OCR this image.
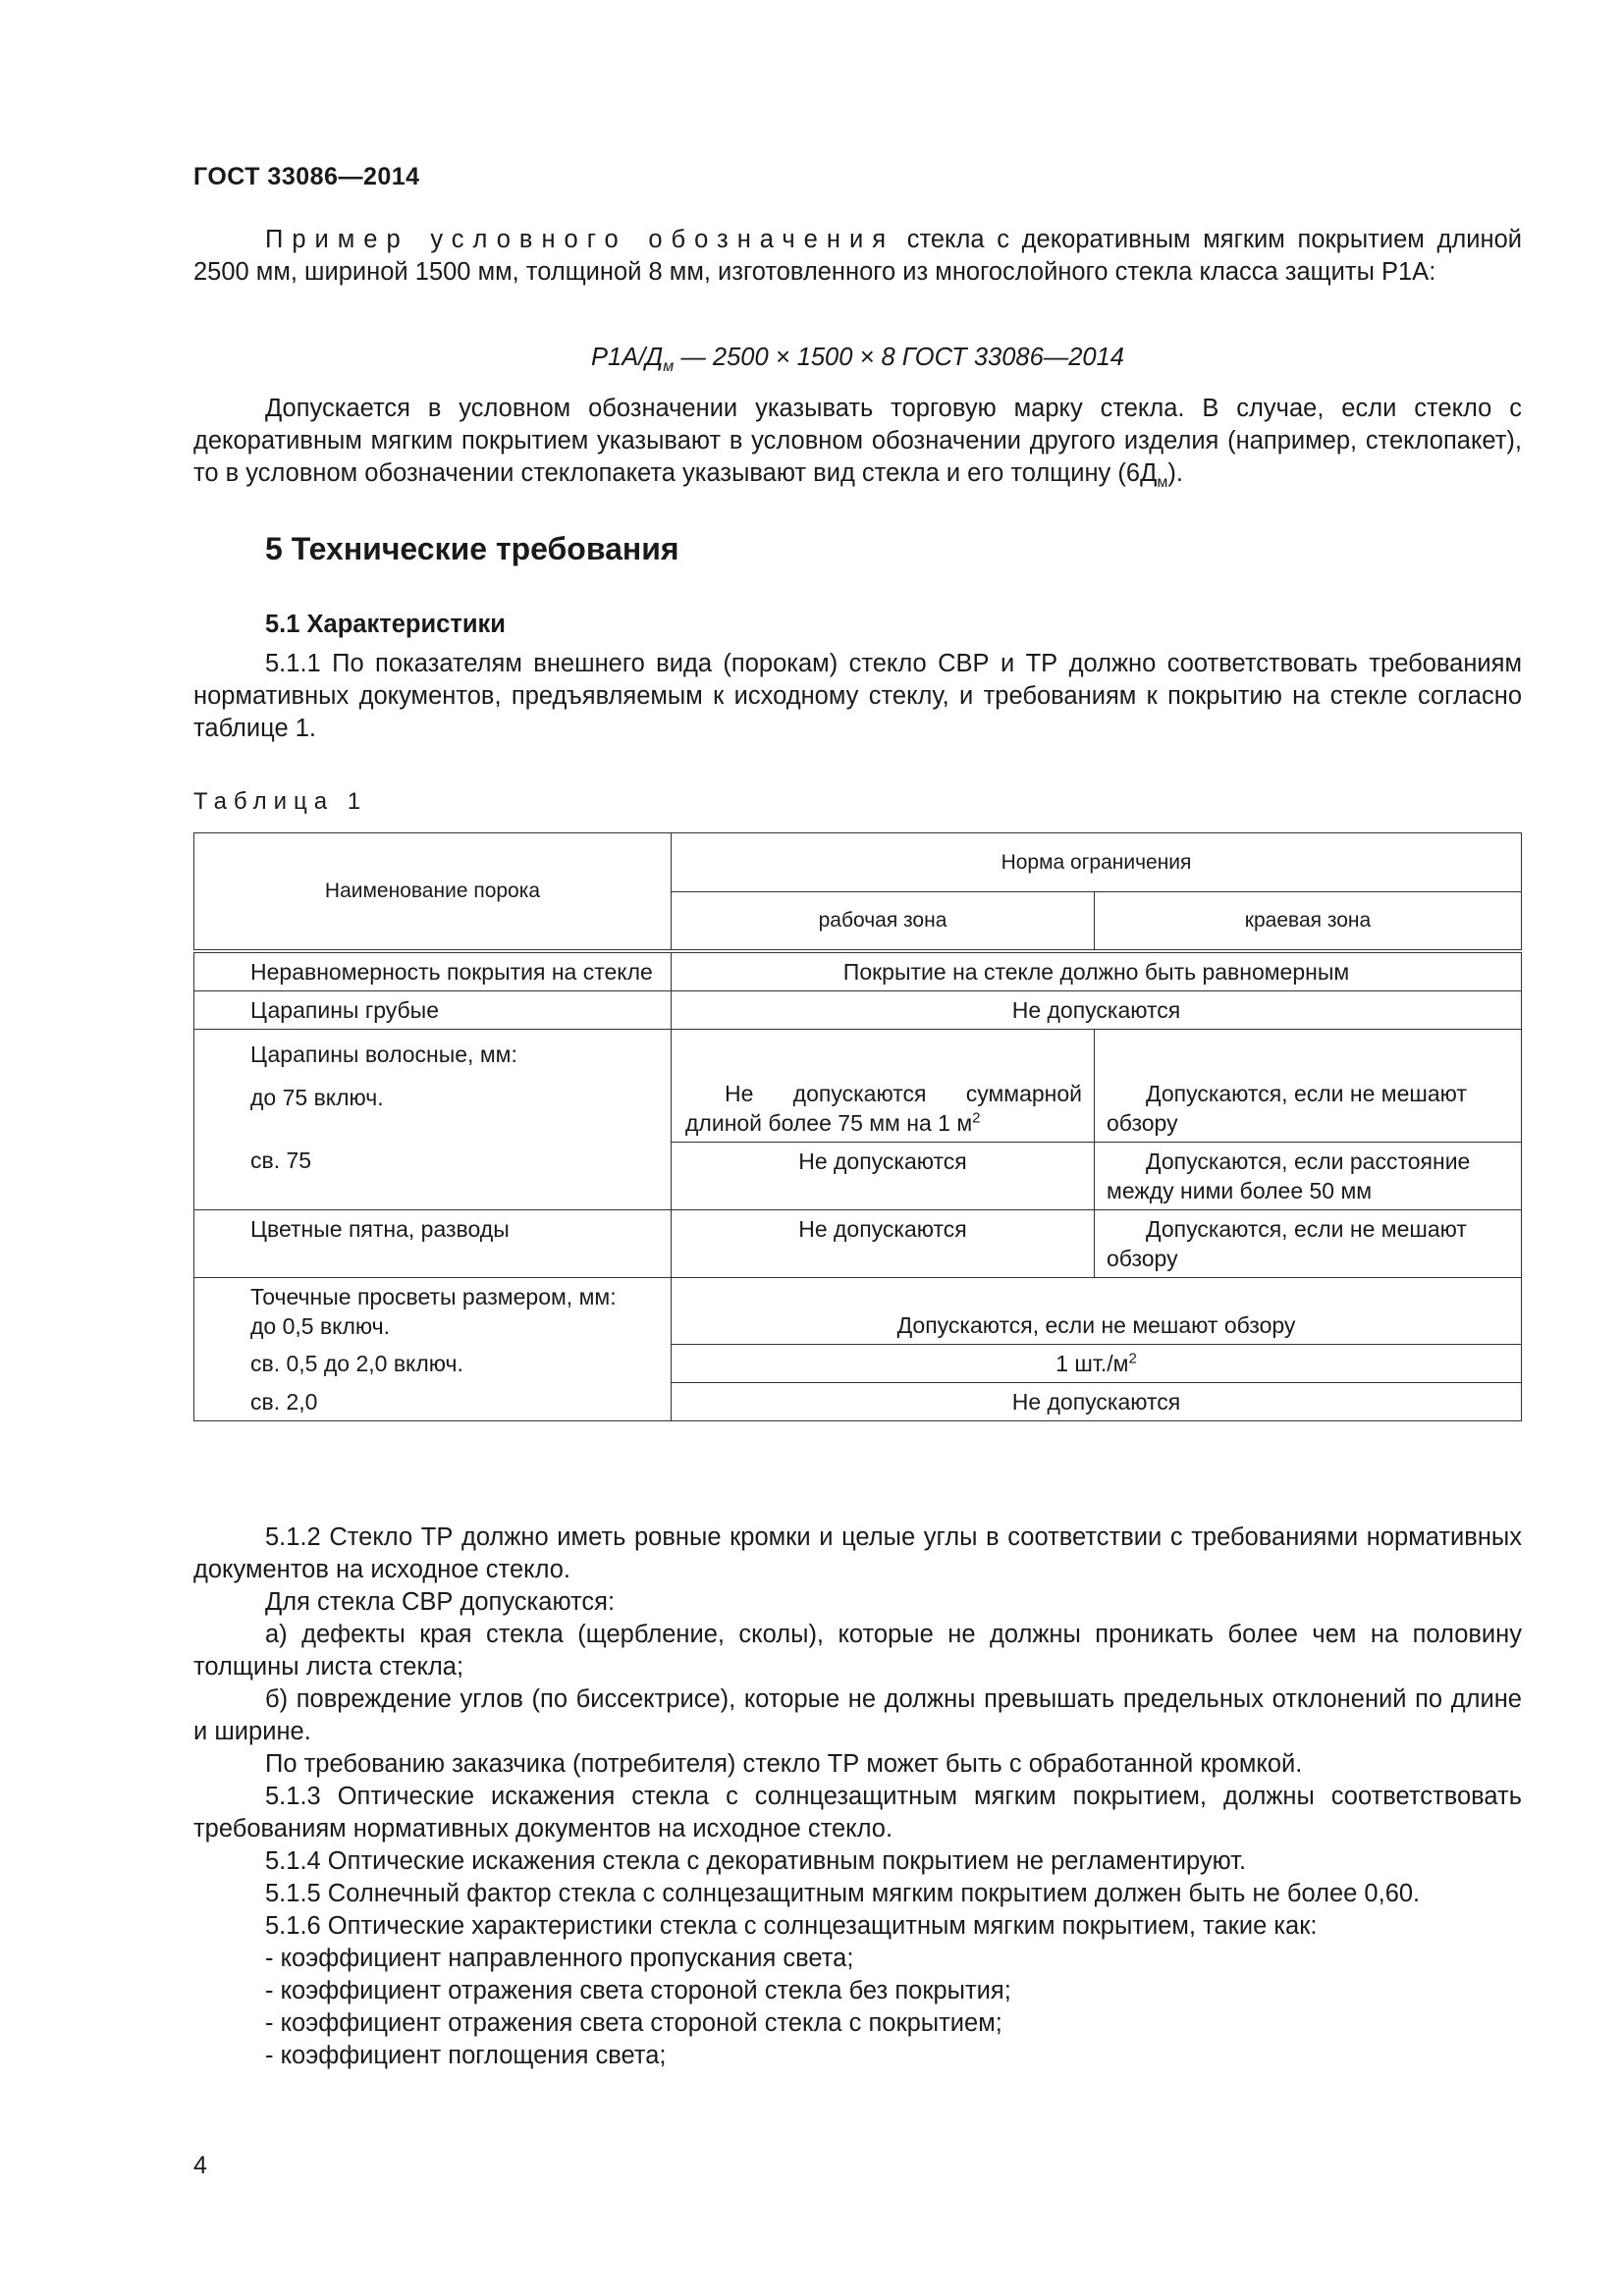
ГОСТ 33086—2014

Пример условного обозначения стекла с декоративным мягким покрытием длиной 2500 мм, шириной 1500 мм, толщиной 8 мм, изготовленного из многослойного стекла класса защиты Р1А:

$Р1А/Д_м$ — 2500 × 1500 × 8 ГОСТ 33086—2014

Допускается в условном обозначении указывать торговую марку стекла. В случае, если стекло с декоративным мягким покрытием указывают в условном обозначении другого изделия (например, стеклопакет), то в условном обозначении стеклопакета указывают вид стекла и его толщину $(6Д_м)$.

5 Технические требования
5.1 Характеристики

5.1.1 По показателям внешнего вида (порокам) стекло СВР и ТР должно соответствовать требованиям нормативных документов, предъявляемым к исходному стеклу, и требованиям к покрытию на стекле согласно таблице 1.

Таблица 1
Наименование порока	Норма ограничения	
	рабочая зона	краевая зона
Неравномерность покрытия на стекле	Покрытие на стекле должно быть равномерным	
Царапины грубые	Не допускаются	
Царапины волосные, мм:
до 75 включ.	Не допускаются суммарной длиной более 75 мм на 1 $м^2$	Допускаются, если не мешают обзору
св. 75	Не допускаются	Допускаются, если расстояние между ними более 50 мм
Цветные пятна, разводы	Не допускаются	Допускаются, если не мешают обзору
Точечные просветы размером, мм:
до 0,5 включ.	Допускаются, если не мешают обзору	
св. 0,5 до 2,0 включ.	1 $шт./м^2$
св. 2,0	Не допускаются	
5.1.2 Стекло ТР должно иметь ровные кромки и целые углы в соответствии с требованиями нормативных документов на исходное стекло.
Для стекла СВР допускаются:
а) дефекты края стекла (щербление, сколы), которые не должны проникать более чем на половину толщины листа стекла;
б) повреждение углов (по биссектрисе), которые не должны превышать предельных отклонений по длине и ширине.
По требованию заказчика (потребителя) стекло ТР может быть с обработанной кромкой.
5.1.3 Оптические искажения стекла с солнцезащитным мягким покрытием, должны соответствовать требованиям нормативных документов на исходное стекло.
5.1.4 Оптические искажения стекла с декоративным покрытием не регламентируют.
5.1.5 Солнечный фактор стекла с солнцезащитным мягким покрытием должен быть не более 0,60.
5.1.6 Оптические характеристики стекла с солнцезащитным мягким покрытием, такие как:
- коэффициент направленного пропускания света;
- коэффициент отражения света стороной стекла без покрытия;
- коэффициент отражения света стороной стекла с покрытием;
- коэффициент поглощения света;
4
